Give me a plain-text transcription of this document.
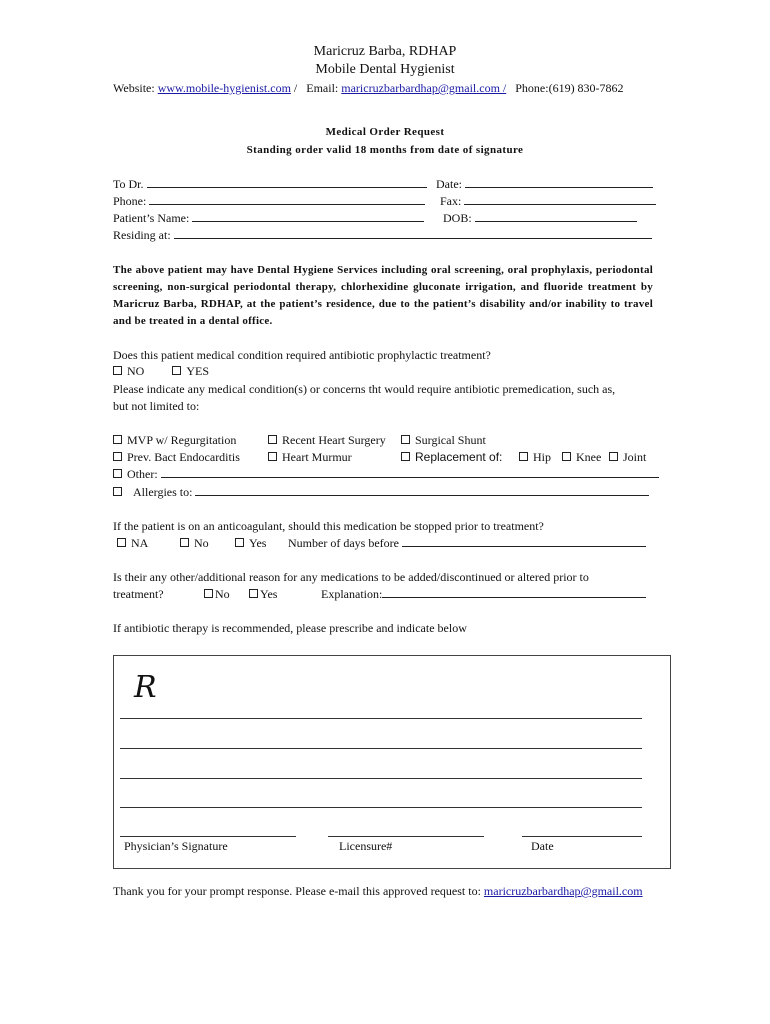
Maricruz Barba, RDHAP
Mobile Dental Hygienist
Website: www.mobile-hygienist.com / Email: maricruzbarbardhap@gmail.com / Phone:(619) 830-7862
Medical Order Request
Standing order valid 18 months from date of signature
To Dr.	Date:
Phone:	Fax:
Patient’s Name:	DOB:
Residing at:
The above patient may have Dental Hygiene Services including oral screening, oral prophylaxis, periodontal screening, non-surgical periodontal therapy, chlorhexidine gluconate irrigation, and fluoride treatment by Maricruz Barba, RDHAP, at the patient’s residence, due to the patient’s disability and/or inability to travel and be treated in a dental office.
Does this patient medical condition required antibiotic prophylactic treatment?
NO	YES
Please indicate any medical condition(s) or concerns tht would require antibiotic premedication, such as,
but not limited to:
MVP w/ Regurgitation	Recent Heart Surgery	Surgical Shunt
Prev. Bact Endocarditis	Heart Murmur	Replacement of:	Hip	Knee	Joint
Other:
Allergies to:
If the patient is on an anticoagulant, should this medication be stopped prior to treatment?
NA	No	Yes Number of days before
Is their any other/additional reason for any medications to be added/discontinued or altered prior to
treatment?	No	Yes	Explanation:
If antibiotic therapy is recommended, please prescribe and indicate below
R
Physician’s Signature	Licensure#	Date
Thank you for your prompt response. Please e-mail this approved request to: maricruzbarbardhap@gmail.com
